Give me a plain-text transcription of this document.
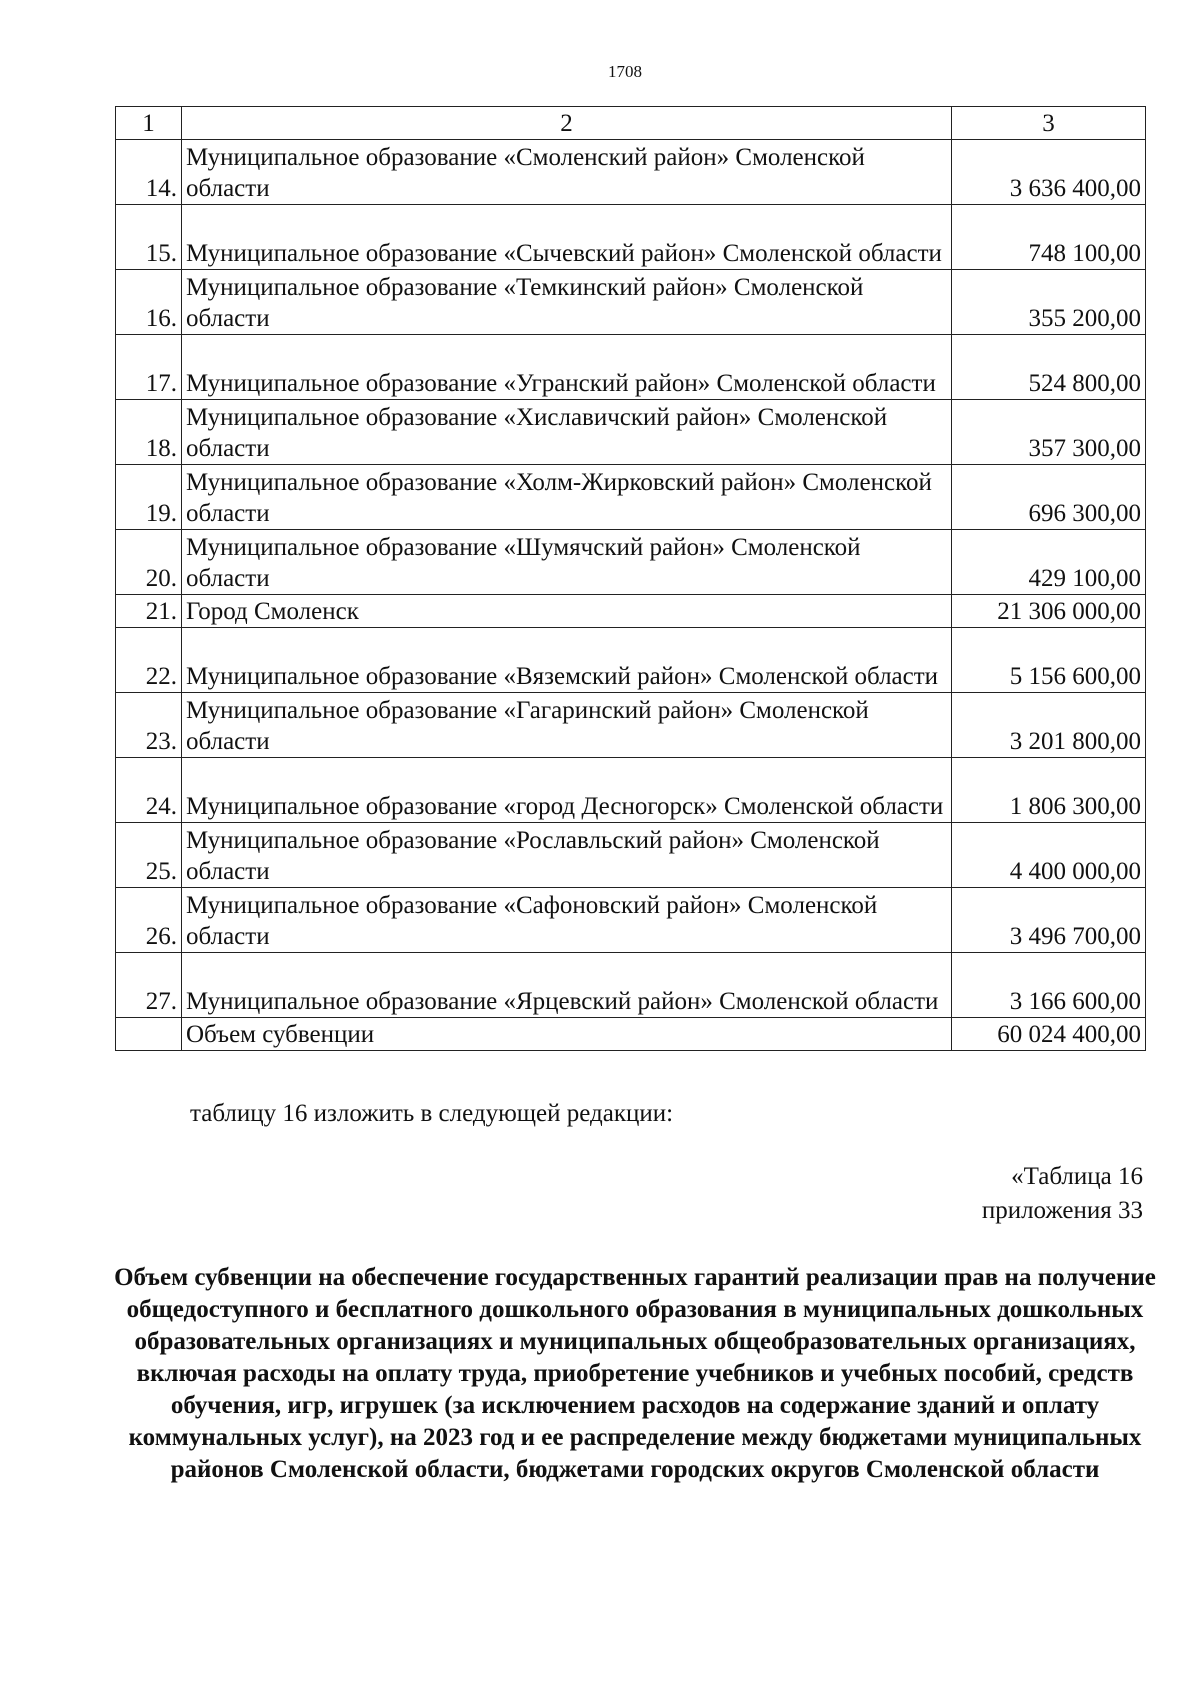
1708
1	2	3
14.	Муниципальное образование «Смоленский район» Смоленской области	3 636 400,00
15.	Муниципальное образование «Сычевский район» Смоленской области	748 100,00
16.	Муниципальное образование «Темкинский район» Смоленской области	355 200,00
17.	Муниципальное образование «Угранский район» Смоленской области	524 800,00
18.	Муниципальное образование «Хиславичский район» Смоленской области	357 300,00
19.	Муниципальное образование «Холм-Жирковский район» Смоленской области	696 300,00
20.	Муниципальное образование «Шумячский район» Смоленской области	429 100,00
21.	Город Смоленск	21 306 000,00
22.	Муниципальное образование «Вяземский район» Смоленской области	5 156 600,00
23.	Муниципальное образование «Гагаринский район» Смоленской области	3 201 800,00
24.	Муниципальное образование «город Десногорск» Смоленской области	1 806 300,00
25.	Муниципальное образование «Рославльский район» Смоленской области	4 400 000,00
26.	Муниципальное образование «Сафоновский район» Смоленской области	3 496 700,00
27.	Муниципальное образование «Ярцевский район» Смоленской области	3 166 600,00
	Объем субвенции	60 024 400,00
таблицу 16 изложить в следующей редакции:
«Таблица 16
приложения 33
Объем субвенции на обеспечение государственных гарантий реализации прав на получение общедоступного и бесплатного дошкольного образования в муниципальных дошкольных образовательных организациях и муниципальных общеобразовательных организациях, включая расходы на оплату труда, приобретение учебников и учебных пособий, средств обучения, игр, игрушек (за исключением расходов на содержание зданий и оплату коммунальных услуг), на 2023 год и ее распределение между бюджетами муниципальных районов Смоленской области, бюджетами городских округов Смоленской области
